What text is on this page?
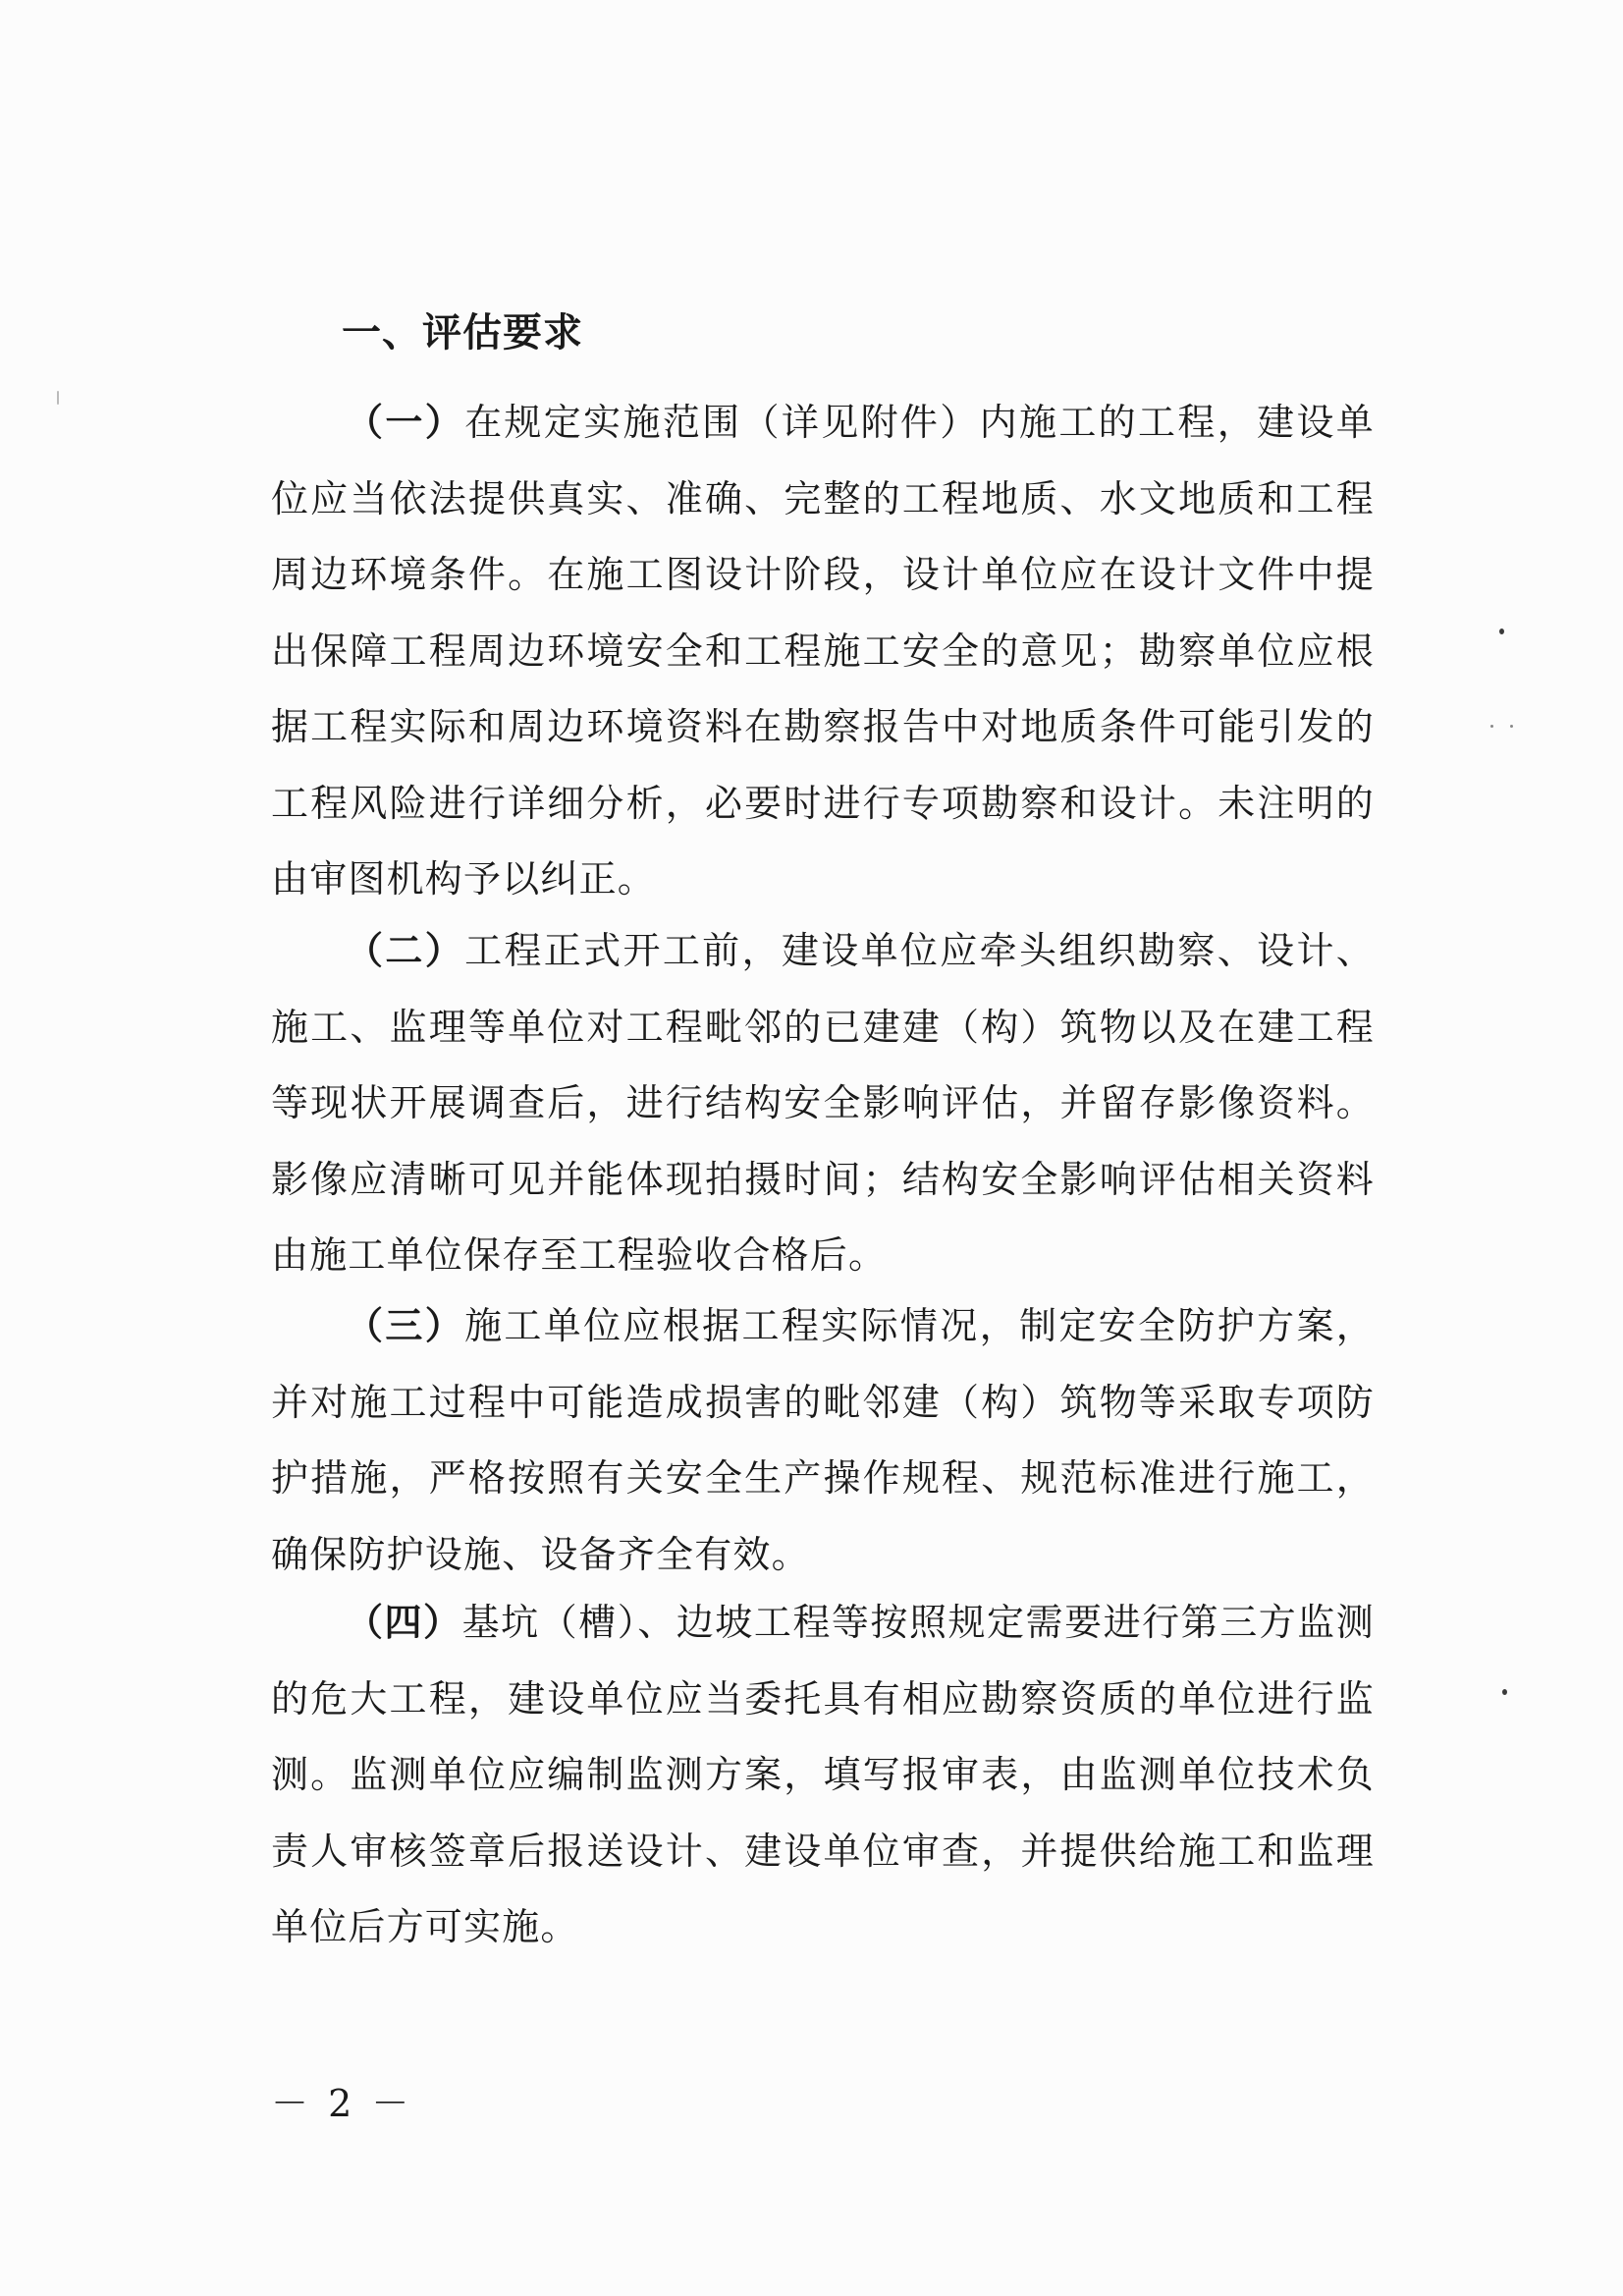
一、评估要求

（一）在规定实施范围（详见附件）内施工的工程，建设单位应当依法提供真实、准确、完整的工程地质、水文地质和工程周边环境条件。在施工图设计阶段，设计单位应在设计文件中提出保障工程周边环境安全和工程施工安全的意见；勘察单位应根据工程实际和周边环境资料在勘察报告中对地质条件可能引发的工程风险进行详细分析，必要时进行专项勘察和设计。未注明的由审图机构予以纠正。

（二）工程正式开工前，建设单位应牵头组织勘察、设计、施工、监理等单位对工程毗邻的已建建（构）筑物以及在建工程等现状开展调查后，进行结构安全影响评估，并留存影像资料。影像应清晰可见并能体现拍摄时间；结构安全影响评估相关资料由施工单位保存至工程验收合格后。

（三）施工单位应根据工程实际情况，制定安全防护方案，并对施工过程中可能造成损害的毗邻建（构）筑物等采取专项防护措施，严格按照有关安全生产操作规程、规范标准进行施工，确保防护设施、设备齐全有效。

（四）基坑（槽）、边坡工程等按照规定需要进行第三方监测的危大工程，建设单位应当委托具有相应勘察资质的单位进行监测。监测单位应编制监测方案，填写报审表，由监测单位技术负责人审核签章后报送设计、建设单位审查，并提供给施工和监理单位后方可实施。

－ 2 －
